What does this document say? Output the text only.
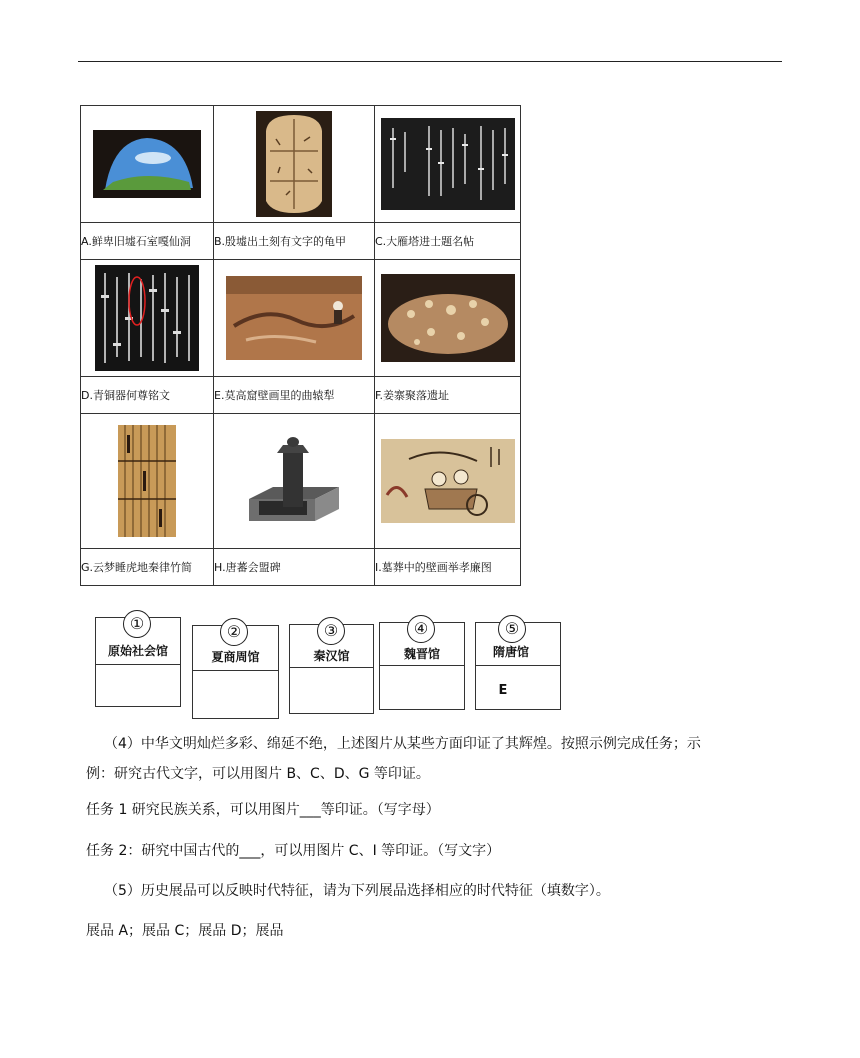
A.鲜卑旧墟石室嘎仙洞	B.殷墟出土刻有文字的龟甲	C.大雁塔进士题名帖

D.青铜器何尊铭文	E.莫高窟壁画里的曲辕犁	F.姜寨聚落遗址

G.云梦睡虎地秦律竹简	H.唐蕃会盟碑	I.墓葬中的壁画举孝廉图
①
原始社会馆
②
夏商周馆
③
秦汉馆
④
魏晋馆
⑤
隋唐馆
E
（4）中华文明灿烂多彩、绵延不绝，上述图片从某些方面印证了其辉煌。按照示例完成任务；示
例：研究古代文字，可以用图片 B、C、D、G 等印证。
任务 1 研究民族关系，可以用图片___等印证。（写字母）
任务 2：研究中国古代的___，可以用图片 C、I 等印证。（写文字）
（5）历史展品可以反映时代特征，请为下列展品选择相应的时代特征（填数字）。
展品 A；展品 C；展品 D；展品
